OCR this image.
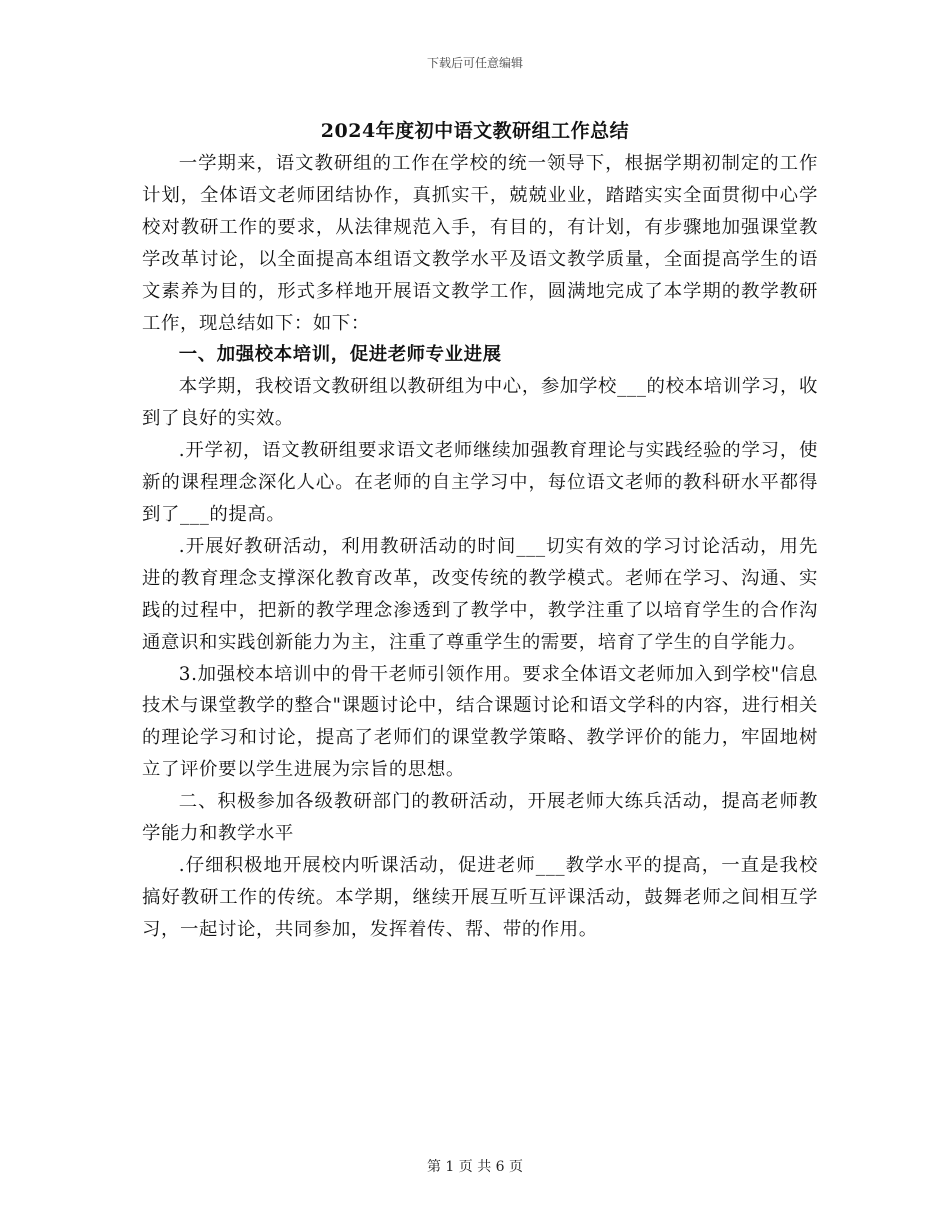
下载后可任意编辑
2024年度初中语文教研组工作总结

一学期来，语文教研组的工作在学校的统一领导下，根据学期初制定的工作计划，全体语文老师团结协作，真抓实干，兢兢业业，踏踏实实全面贯彻中心学校对教研工作的要求，从法律规范入手，有目的，有计划，有步骤地加强课堂教学改革讨论，以全面提高本组语文教学水平及语文教学质量，全面提高学生的语文素养为目的，形式多样地开展语文教学工作，圆满地完成了本学期的教学教研工作，现总结如下：如下：

一、加强校本培训，促进老师专业进展

本学期，我校语文教研组以教研组为中心，参加学校___的校本培训学习，收到了良好的实效。

.开学初，语文教研组要求语文老师继续加强教育理论与实践经验的学习，使新的课程理念深化人心。在老师的自主学习中，每位语文老师的教科研水平都得到了___的提高。

.开展好教研活动，利用教研活动的时间___切实有效的学习讨论活动，用先进的教育理念支撑深化教育改革，改变传统的教学模式。老师在学习、沟通、实践的过程中，把新的教学理念渗透到了教学中，教学注重了以培育学生的合作沟通意识和实践创新能力为主，注重了尊重学生的需要，培育了学生的自学能力。

3.加强校本培训中的骨干老师引领作用。要求全体语文老师加入到学校"信息技术与课堂教学的整合"课题讨论中，结合课题讨论和语文学科的内容，进行相关的理论学习和讨论，提高了老师们的课堂教学策略、教学评价的能力，牢固地树立了评价要以学生进展为宗旨的思想。

二、积极参加各级教研部门的教研活动，开展老师大练兵活动，提高老师教学能力和教学水平

.仔细积极地开展校内听课活动，促进老师___教学水平的提高，一直是我校搞好教研工作的传统。本学期，继续开展互听互评课活动，鼓舞老师之间相互学习，一起讨论，共同参加，发挥着传、帮、带的作用。

第 1 页 共 6 页
